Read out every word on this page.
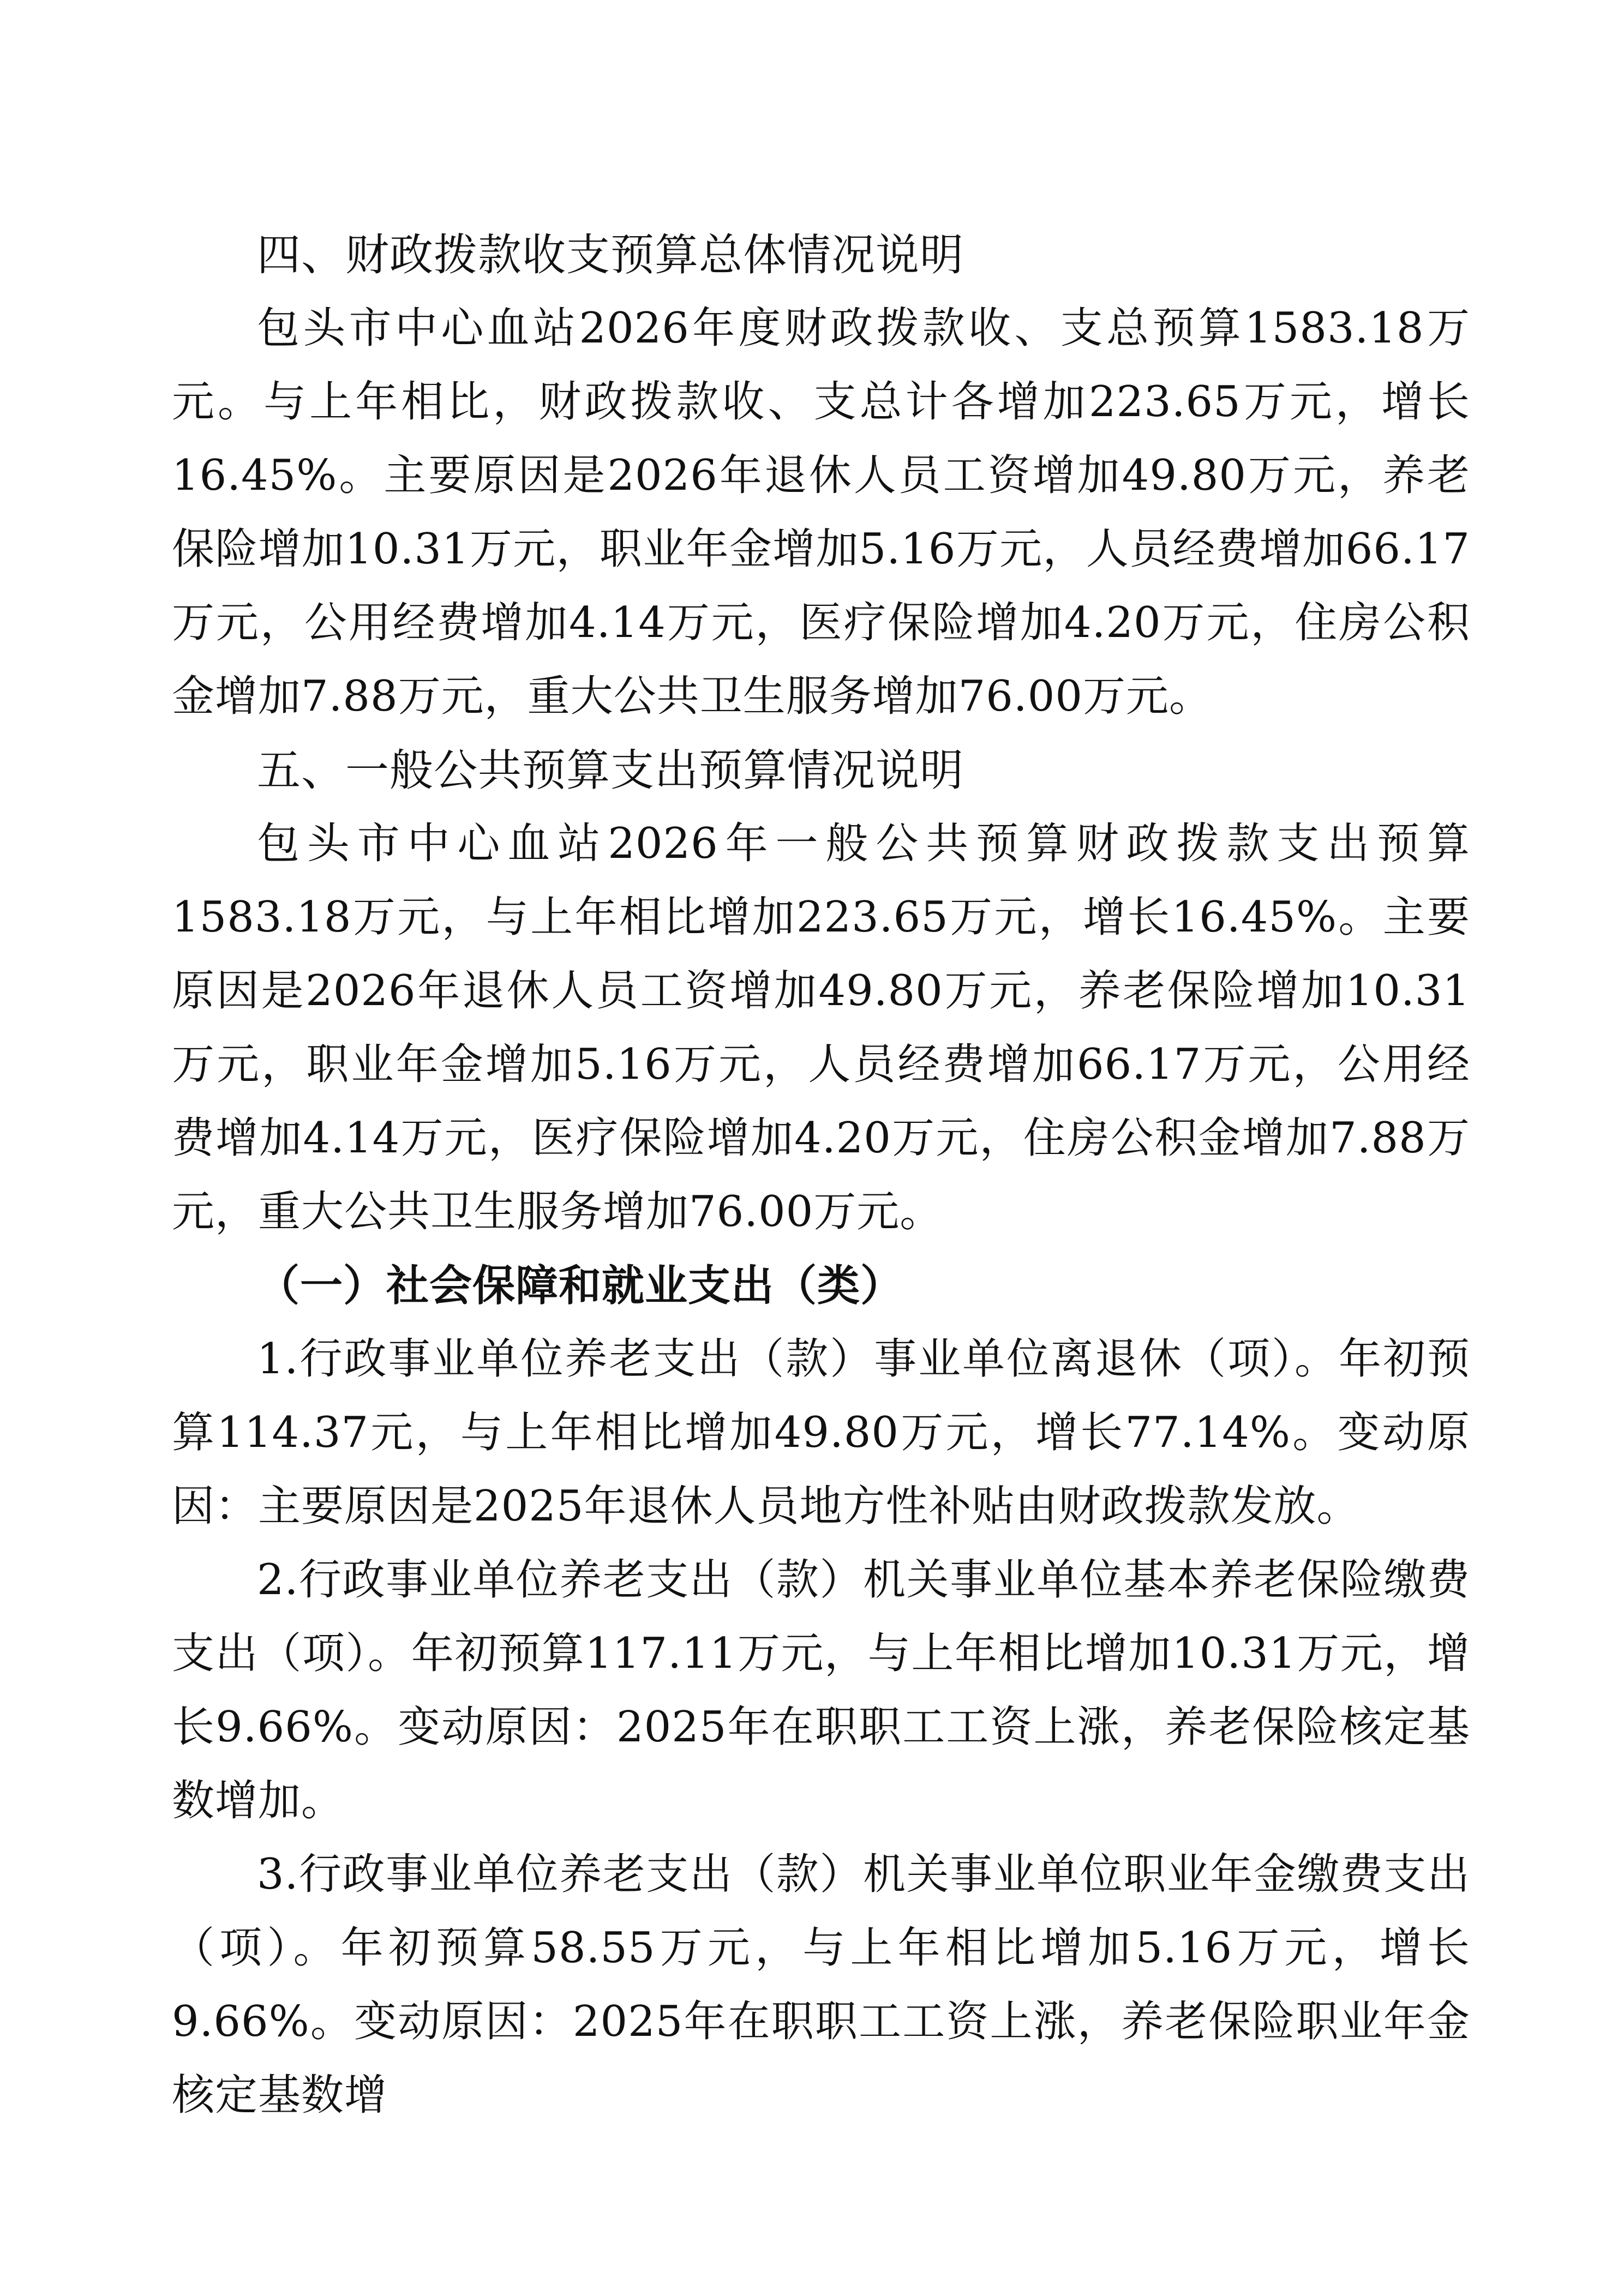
四、财政拨款收支预算总体情况说明

包头市中心血站2026年度财政拨款收、支总预算1583.18万元。与上年相比，财政拨款收、支总计各增加223.65万元，增长16.45%。主要原因是2026年退休人员工资增加49.80万元，养老保险增加10.31万元，职业年金增加5.16万元，人员经费增加66.17万元，公用经费增加4.14万元，医疗保险增加4.20万元，住房公积金增加7.88万元，重大公共卫生服务增加76.00万元。

五、一般公共预算支出预算情况说明

包头市中心血站2026年一般公共预算财政拨款支出预算1583.18万元，与上年相比增加223.65万元，增长16.45%。主要原因是2026年退休人员工资增加49.80万元，养老保险增加10.31万元，职业年金增加5.16万元，人员经费增加66.17万元，公用经费增加4.14万元，医疗保险增加4.20万元，住房公积金增加7.88万元，重大公共卫生服务增加76.00万元。

（一）社会保障和就业支出（类）

1.行政事业单位养老支出（款）事业单位离退休（项）。年初预算114.37元，与上年相比增加49.80万元，增长77.14%。变动原因：主要原因是2025年退休人员地方性补贴由财政拨款发放。

2.行政事业单位养老支出（款）机关事业单位基本养老保险缴费支出（项）。年初预算117.11万元，与上年相比增加10.31万元，增长9.66%。变动原因：2025年在职职工工资上涨，养老保险核定基数增加。

3.行政事业单位养老支出（款）机关事业单位职业年金缴费支出（项）。年初预算58.55万元，与上年相比增加5.16万元，增长9.66%。变动原因：2025年在职职工工资上涨，养老保险职业年金核定基数增
